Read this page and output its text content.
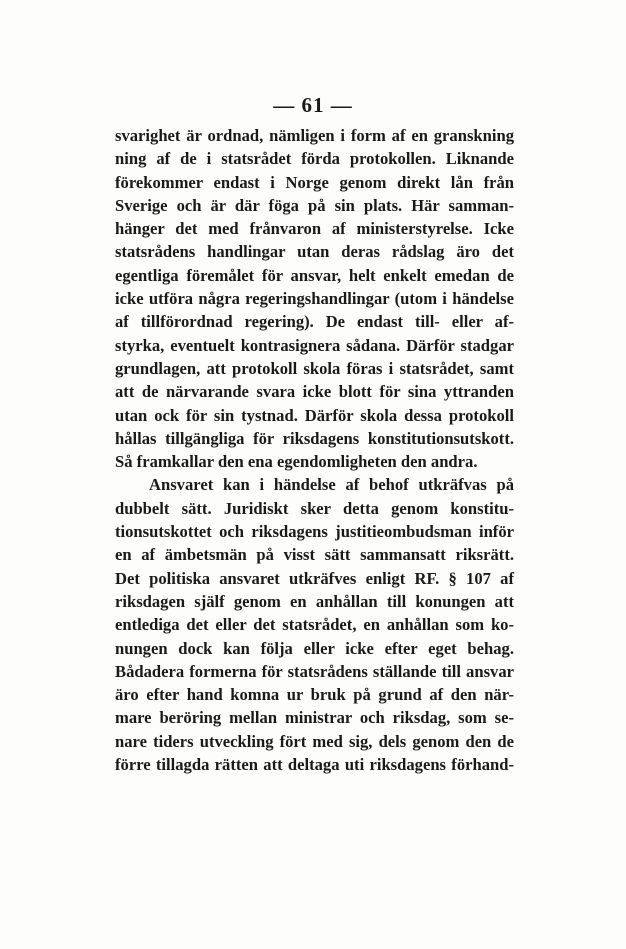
— 61 —
svarighet är ordnad, nämligen i form af en granskning
ning af de i statsrådet förda protokollen. Liknande
förekommer endast i Norge genom direkt lån från
Sverige och är där föga på sin plats. Här samman-
hänger det med frånvaron af ministerstyrelse. Icke
statsrådens handlingar utan deras rådslag äro det
egentliga föremålet för ansvar, helt enkelt emedan de
icke utföra några regeringshandlingar (utom i händelse
af tillförordnad regering). De endast till- eller af-
styrka, eventuelt kontrasignera sådana. Därför stadgar
grundlagen, att protokoll skola föras i statsrådet, samt
att de närvarande svara icke blott för sina yttranden
utan ock för sin tystnad. Därför skola dessa protokoll
hållas tillgängliga för riksdagens konstitutionsutskott.
Så framkallar den ena egendomligheten den andra.
Ansvaret kan i händelse af behof utkräfvas på
dubbelt sätt. Juridiskt sker detta genom konstitu-
tionsutskottet och riksdagens justitieombudsman inför
en af ämbetsmän på visst sätt sammansatt riksrätt.
Det politiska ansvaret utkräfves enligt RF. § 107 af
riksdagen själf genom en anhållan till konungen att
entlediga det eller det statsrådet, en anhållan som ko-
nungen dock kan följa eller icke efter eget behag.
Bådadera formerna för statsrådens ställande till ansvar
äro efter hand komna ur bruk på grund af den när-
mare beröring mellan ministrar och riksdag, som se-
nare tiders utveckling fört med sig, dels genom den de
förre tillagda rätten att deltaga uti riksdagens förhand-
